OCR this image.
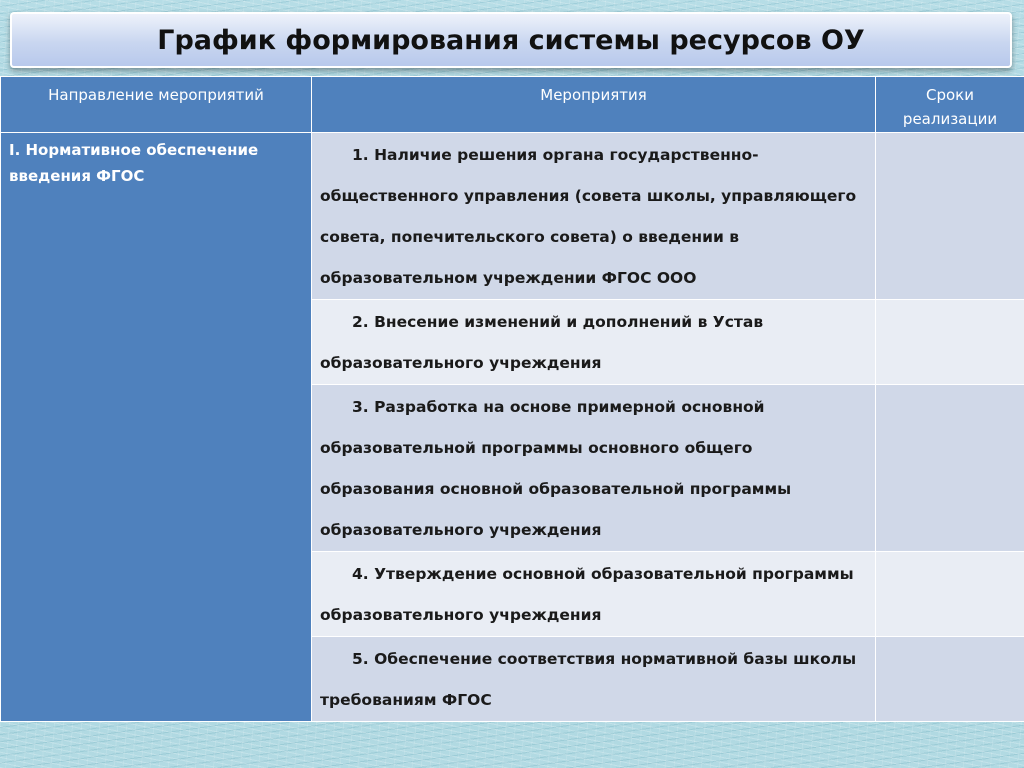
График формирования системы ресурсов ОУ
Направление мероприятий	Мероприятия	Сроки реализации
I. Нормативное обеспечение введения ФГОС	1. Наличие решения органа государственно-общественного управления (совета школы, управляющего совета, попечительского совета) о введении в образовательном учреждении ФГОС ООО	
	2. Внесение изменений и дополнений в Устав образовательного учреждения	
	3. Разработка на основе примерной основной образовательной программы основного общего образования основной образовательной программы образовательного учреждения	
	4. Утверждение основной образовательной программы образовательного учреждения	
	5. Обеспечение соответствия нормативной базы школы требованиям ФГОС	
